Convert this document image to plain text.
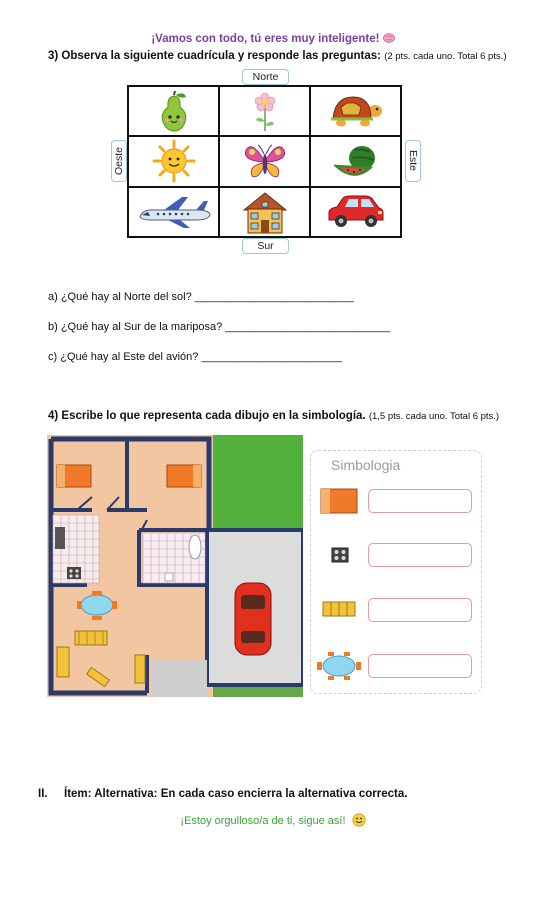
¡Vamos con todo, tú eres muy inteligente!
3) Observa la siguiente cuadrícula y responde las preguntas: (2 pts. cada uno. Total 6 pts.)
Norte
Sur
Oeste	Este
a) ¿Qué hay al Norte del sol? __________________________
b) ¿Qué hay al Sur de la mariposa? ___________________________
c) ¿Qué hay al Este del avión? _______________________
4) Escribe lo que representa cada dibujo en la simbología. (1,5 pts. cada uno. Total 6 pts.)
Simbologia
II. Ítem: Alternativa: En cada caso encierra la alternativa correcta.
¡Estoy orgulloso/a de ti, sigue así!
